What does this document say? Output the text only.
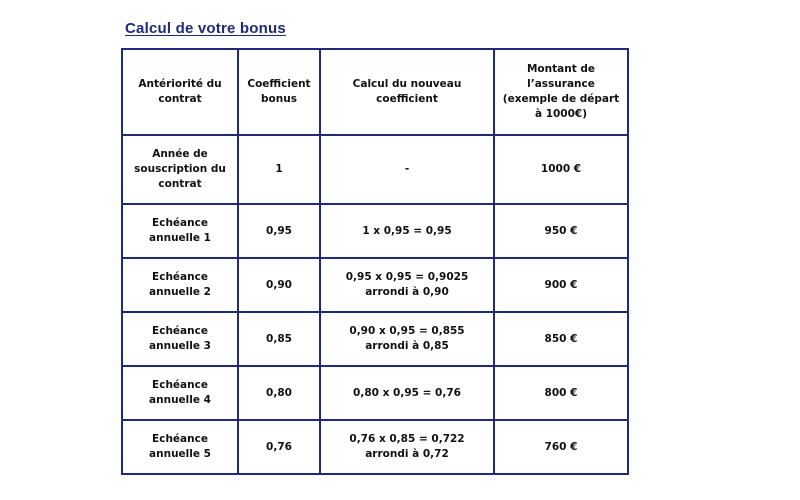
Calcul de votre bonus
Antériorité du contrat	Coefficient bonus	Calcul du nouveau coefficient	Montant de l’assurance (exemple de départ à 1000€)
Année de souscription du contrat	1	-	1000 €
Echéance annuelle 1	0,95	1 x 0,95 = 0,95	950 €
Echéance annuelle 2	0,90	0,95 x 0,95 = 0,9025 arrondi à 0,90	900 €
Echéance annuelle 3	0,85	0,90 x 0,95 = 0,855 arrondi à 0,85	850 €
Echéance annuelle 4	0,80	0,80 x 0,95 = 0,76	800 €
Echéance annuelle 5	0,76	0,76 x 0,85 = 0,722 arrondi à 0,72	760 €
